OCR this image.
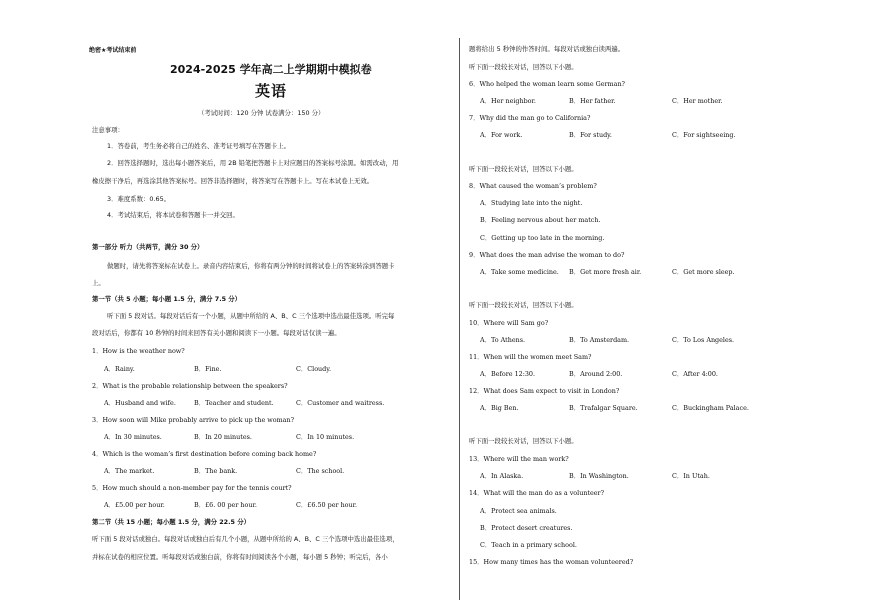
绝密★考试结束前
2024-2025 学年高二上学期期中模拟卷
英语
（考试时间：120 分钟 试卷满分：150 分）
注意事项：
1．答卷前，考生务必将自己的姓名、准考证号填写在答题卡上。
2．回答选择题时，选出每小题答案后，用 2B 铅笔把答题卡上对应题目的答案标号涂黑。如需改动，用
橡皮擦干净后，再选涂其他答案标号。回答非选择题时，将答案写在答题卡上。写在本试卷上无效。
3．难度系数：0.65。
4．考试结束后，将本试卷和答题卡一并交回。
第一部分 听力（共两节，满分 30 分）
做题时，请先将答案标在试卷上。录音内容结束后，你将有两分钟的时间将试卷上的答案转涂到答题卡
上。
第一节（共 5 小题；每小题 1.5 分，满分 7.5 分）
听下面 5 段对话。每段对话后有一个小题，从题中所给的 A、B、C 三个选项中选出最佳选项。听完每
段对话后，你都有 10 秒钟的时间来回答有关小题和阅读下一小题。每段对话仅读一遍。
1．How is the weather now?
A．Rainy.	B．Fine.	C．Cloudy.
2．What is the probable relationship between the speakers?
A．Husband and wife.	B．Teacher and student.	C．Customer and waitress.
3．How soon will Mike probably arrive to pick up the woman?
A．In 30 minutes.	B．In 20 minutes.	C．In 10 minutes.
4．Which is the woman’s first destination before coming back home?
A．The market.	B．The bank.	C．The school.
5．How much should a non-member pay for the tennis court?
A．£5.00 per hour.	B．£6. 00 per hour.	C．£6.50 per hour.
第二节（共 15 小题；每小题 1.5 分，满分 22.5 分）
听下面 5 段对话或独白。每段对话或独白后有几个小题，从题中所给的 A、B、C 三个选项中选出最佳选项，
并标在试卷的相应位置。听每段对话或独白前，你将有时间阅读各个小题，每小题 5 秒钟；听完后，各小
题将给出 5 秒钟的作答时间。每段对话或独白读两遍。
听下面一段较长对话，回答以下小题。
6．Who helped the woman learn some German?
A．Her neighbor.	B．Her father.	C．Her mother.
7．Why did the man go to California?
A．For work.	B．For study.	C．For sightseeing.
听下面一段较长对话，回答以下小题。
8．What caused the woman’s problem?
A．Studying late into the night.
B．Feeling nervous about her match.
C．Getting up too late in the morning.
9．What does the man advise the woman to do?
A．Take some medicine. B．Get more fresh air.	C．Get more sleep.
听下面一段较长对话，回答以下小题。
10．Where will Sam go?
A．To Athens.	B．To Amsterdam.	C．To Los Angeles.
11．When will the women meet Sam?
A．Before 12:30.	B．Around 2:00.	C．After 4:00.
12．What does Sam expect to visit in London?
A．Big Ben.	B．Trafalgar Square.	C．Buckingham Palace.
听下面一段较长对话，回答以下小题。
13．Where will the man work?
A．In Alaska.	B．In Washington.	C．In Utah.
14．What will the man do as a volunteer?
A．Protect sea animals.
B．Protect desert creatures.
C．Teach in a primary school.
15．How many times has the woman volunteered?
